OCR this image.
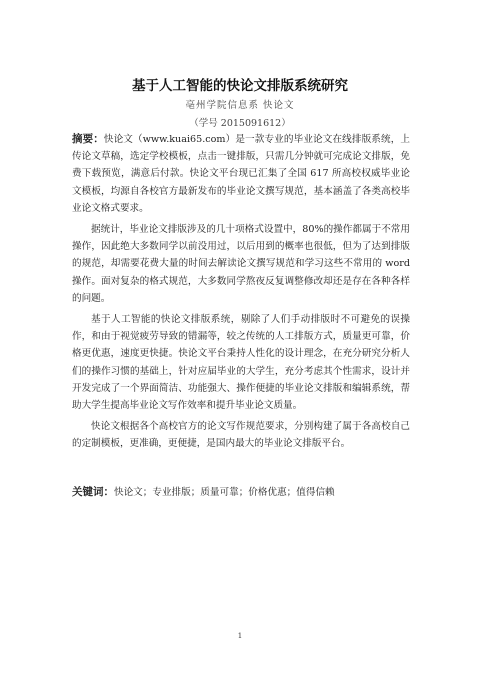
基于人工智能的快论文排版系统研究
亳州学院信息系 快论文
（学号 2015091612）

摘要：快论文（www.kuai65.com）是一款专业的毕业论文在线排版系统，上传论文草稿，选定学校模板，点击一键排版，只需几分钟就可完成论文排版，免费下载预览，满意后付款。快论文平台现已汇集了全国 617 所高校权威毕业论文模板，均源自各校官方最新发布的毕业论文撰写规范，基本涵盖了各类高校毕业论文格式要求。

据统计，毕业论文排版涉及的几十项格式设置中，80%的操作都属于不常用操作，因此绝大多数同学以前没用过，以后用到的概率也很低，但为了达到排版的规范，却需要花费大量的时间去解读论文撰写规范和学习这些不常用的 word 操作。面对复杂的格式规范，大多数同学熬夜反复调整修改却还是存在各种各样的问题。

基于人工智能的快论文排版系统，剔除了人们手动排版时不可避免的误操作，和由于视觉疲劳导致的错漏等，较之传统的人工排版方式，质量更可靠，价格更优惠，速度更快捷。快论文平台秉持人性化的设计理念，在充分研究分析人们的操作习惯的基础上，针对应届毕业的大学生，充分考虑其个性需求，设计并开发完成了一个界面简洁、功能强大、操作便捷的毕业论文排版和编辑系统，帮助大学生提高毕业论文写作效率和提升毕业论文质量。

快论文根据各个高校官方的论文写作规范要求，分别构建了属于各高校自己的定制模板，更准确，更便捷，是国内最大的毕业论文排版平台。

关键词：快论文；专业排版；质量可靠；价格优惠；值得信赖
1
